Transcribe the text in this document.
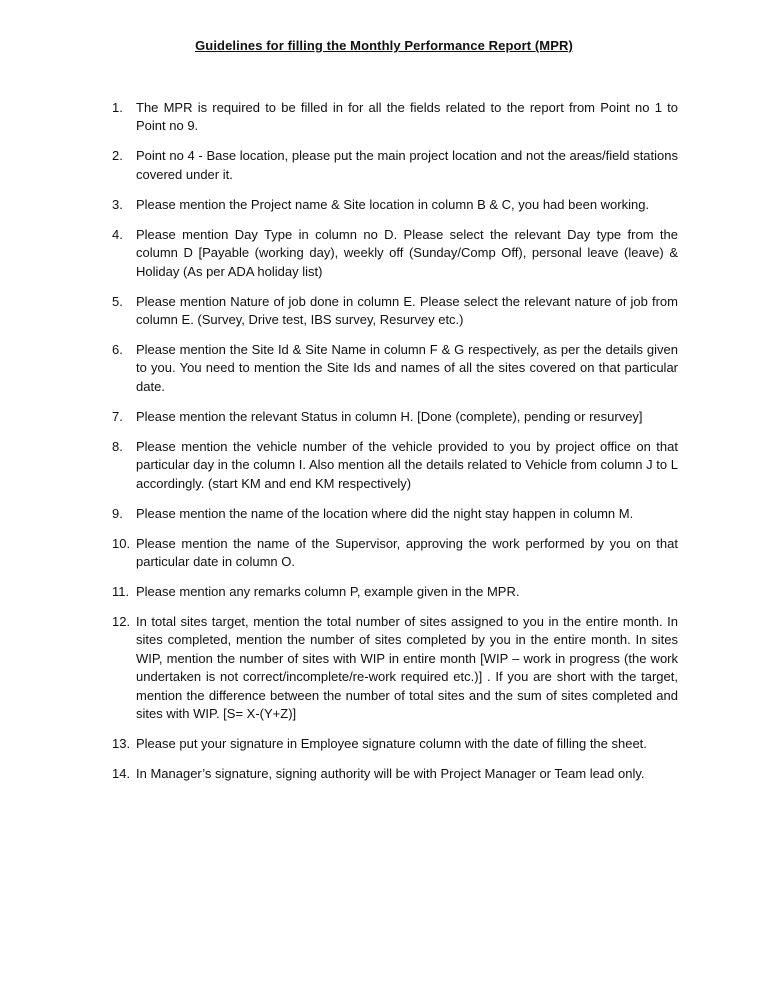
Guidelines for filling the Monthly Performance Report (MPR)
1.	The MPR is required to be filled in for all the fields related to the report from Point no 1 to Point no 9.
2.	Point no 4 - Base location, please put the main project location and not the areas/field stations covered under it.
3.	Please mention the Project name & Site location in column B & C, you had been working.
4.	Please mention Day Type in column no D. Please select the relevant Day type from the column D [Payable (working day), weekly off (Sunday/Comp Off), personal leave (leave) & Holiday (As per ADA holiday list)
5.	Please mention Nature of job done in column E. Please select the relevant nature of job from column E. (Survey, Drive test, IBS survey, Resurvey etc.)
6.	Please mention the Site Id & Site Name in column F & G respectively, as per the details given to you. You need to mention the Site Ids and names of all the sites covered on that particular date.
7.	Please mention the relevant Status in column H. [Done (complete), pending or resurvey]
8.	Please mention the vehicle number of the vehicle provided to you by project office on that particular day in the column I. Also mention all the details related to Vehicle from column J to L accordingly. (start KM and end KM respectively)
9.	Please mention the name of the location where did the night stay happen in column M.
10. Please mention the name of the Supervisor, approving the work performed by you on that particular date in column O.
11. Please mention any remarks column P, example given in the MPR.
12. In total sites target, mention the total number of sites assigned to you in the entire month. In sites completed, mention the number of sites completed by you in the entire month. In sites WIP, mention the number of sites with WIP in entire month [WIP – work in progress (the work undertaken is not correct/incomplete/re-work required etc.)] . If you are short with the target, mention the difference between the number of total sites and the sum of sites completed and sites with WIP. [S= X-(Y+Z)]
13. Please put your signature in Employee signature column with the date of filling the sheet.
14. In Manager’s signature, signing authority will be with Project Manager or Team lead only.
